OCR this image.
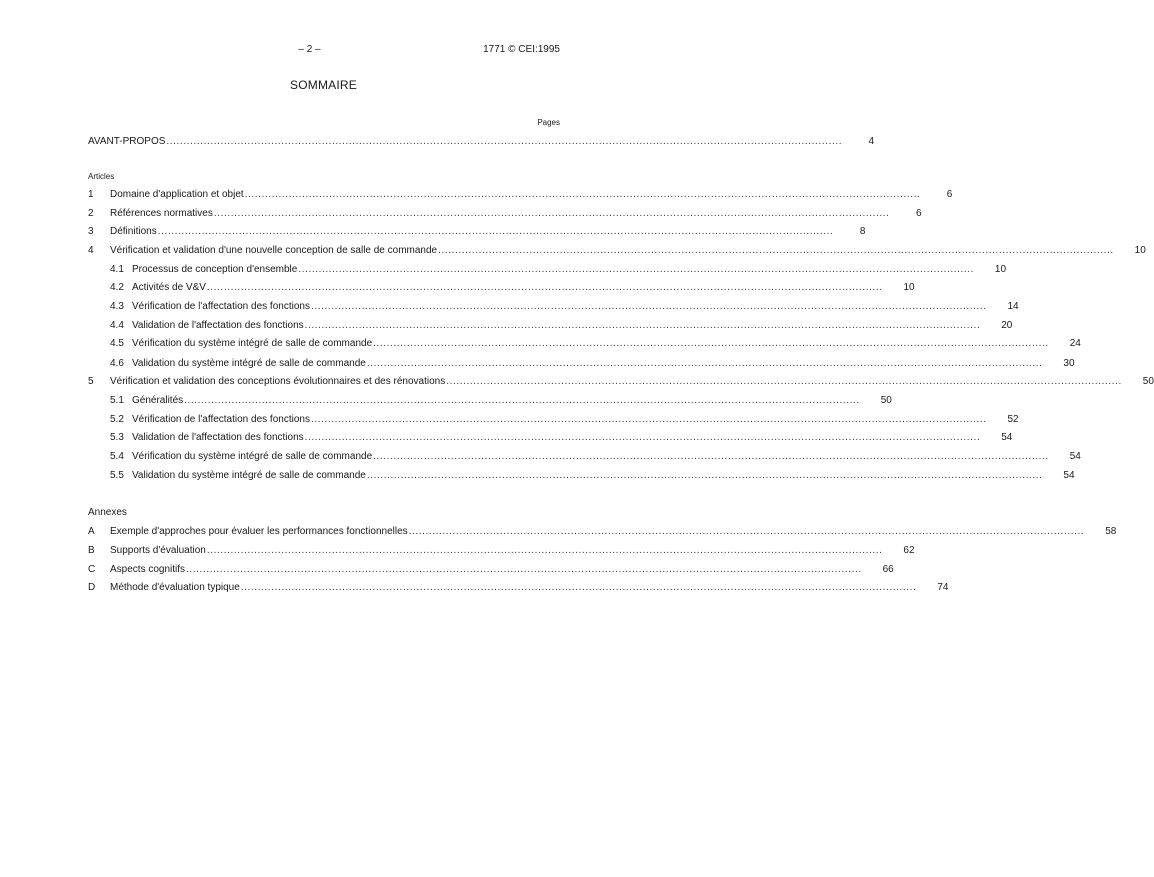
– 2 –	1771 © CEI:1995
SOMMAIRE
Pages
AVANT-PROPOS ........................................................................................................................................................................................................	4
Articles
1	Domaine d'application et objet ........................................................................................................................................................................................................	6
2	Références normatives ........................................................................................................................................................................................................	6
3	Définitions ........................................................................................................................................................................................................	8
4	Vérification et validation d'une nouvelle conception de salle de commande ........................................................................................................................................................................................................	10
4.1 Processus de conception d'ensemble ........................................................................................................................................................................................................	10
4.2 Activités de V&V ........................................................................................................................................................................................................	10
4.3 Vérification de l'affectation des fonctions ........................................................................................................................................................................................................	14
4.4 Validation de l'affectation des fonctions ........................................................................................................................................................................................................	20
4.5 Vérification du système intégré de salle de commande ........................................................................................................................................................................................................	24
4.6 Validation du système intégré de salle de commande ........................................................................................................................................................................................................	30
5	Vérification et validation des conceptions évolutionnaires et des rénovations ........................................................................................................................................................................................................	50
5.1 Généralités ........................................................................................................................................................................................................	50
5.2 Vérification de l'affectation des fonctions ........................................................................................................................................................................................................	52
5.3 Validation de l'affectation des fonctions ........................................................................................................................................................................................................	54
5.4 Vérification du système intégré de salle de commande ........................................................................................................................................................................................................	54
5.5 Validation du système intégré de salle de commande ........................................................................................................................................................................................................	54
Annexes
A	Exemple d'approches pour évaluer les performances fonctionnelles ........................................................................................................................................................................................................	58
B	Supports d'évaluation ........................................................................................................................................................................................................	62
C	Aspects cognitifs ........................................................................................................................................................................................................	66
D	Méthode d'évaluation typique ........................................................................................................................................................................................................	74
